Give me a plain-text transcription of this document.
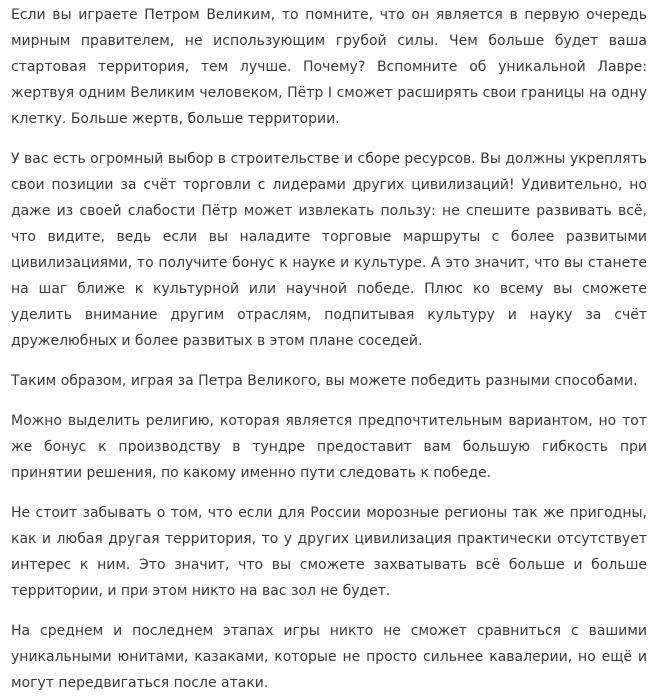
Если вы играете Петром Великим, то помните, что он является в первую очередь мирным правителем, не использующим грубой силы. Чем больше будет ваша стартовая территория, тем лучше. Почему? Вспомните об уникальной Лавре: жертвуя одним Великим человеком, Пётр I сможет расширять свои границы на одну клетку. Больше жертв, больше территории.

У вас есть огромный выбор в строительстве и сборе ресурсов. Вы должны укреплять свои позиции за счёт торговли с лидерами других цивилизаций! Удивительно, но даже из своей слабости Пётр может извлекать пользу: не спешите развивать всё, что видите, ведь если вы наладите торговые маршруты с более развитыми цивилизациями, то получите бонус к науке и культуре. А это значит, что вы станете на шаг ближе к культурной или научной победе. Плюс ко всему вы сможете уделить внимание другим отраслям, подпитывая культуру и науку за счёт дружелюбных и более развитых в этом плане соседей.

Таким образом, играя за Петра Великого, вы можете победить разными способами.

Можно выделить религию, которая является предпочтительным вариантом, но тот же бонус к производству в тундре предоставит вам большую гибкость при принятии решения, по какому именно пути следовать к победе.

Не стоит забывать о том, что если для России морозные регионы так же пригодны, как и любая другая территория, то у других цивилизация практически отсутствует интерес к ним. Это значит, что вы сможете захватывать всё больше и больше территории, и при этом никто на вас зол не будет.

На среднем и последнем этапах игры никто не сможет сравниться с вашими уникальными юнитами, казаками, которые не просто сильнее кавалерии, но ещё и могут передвигаться после атаки.
